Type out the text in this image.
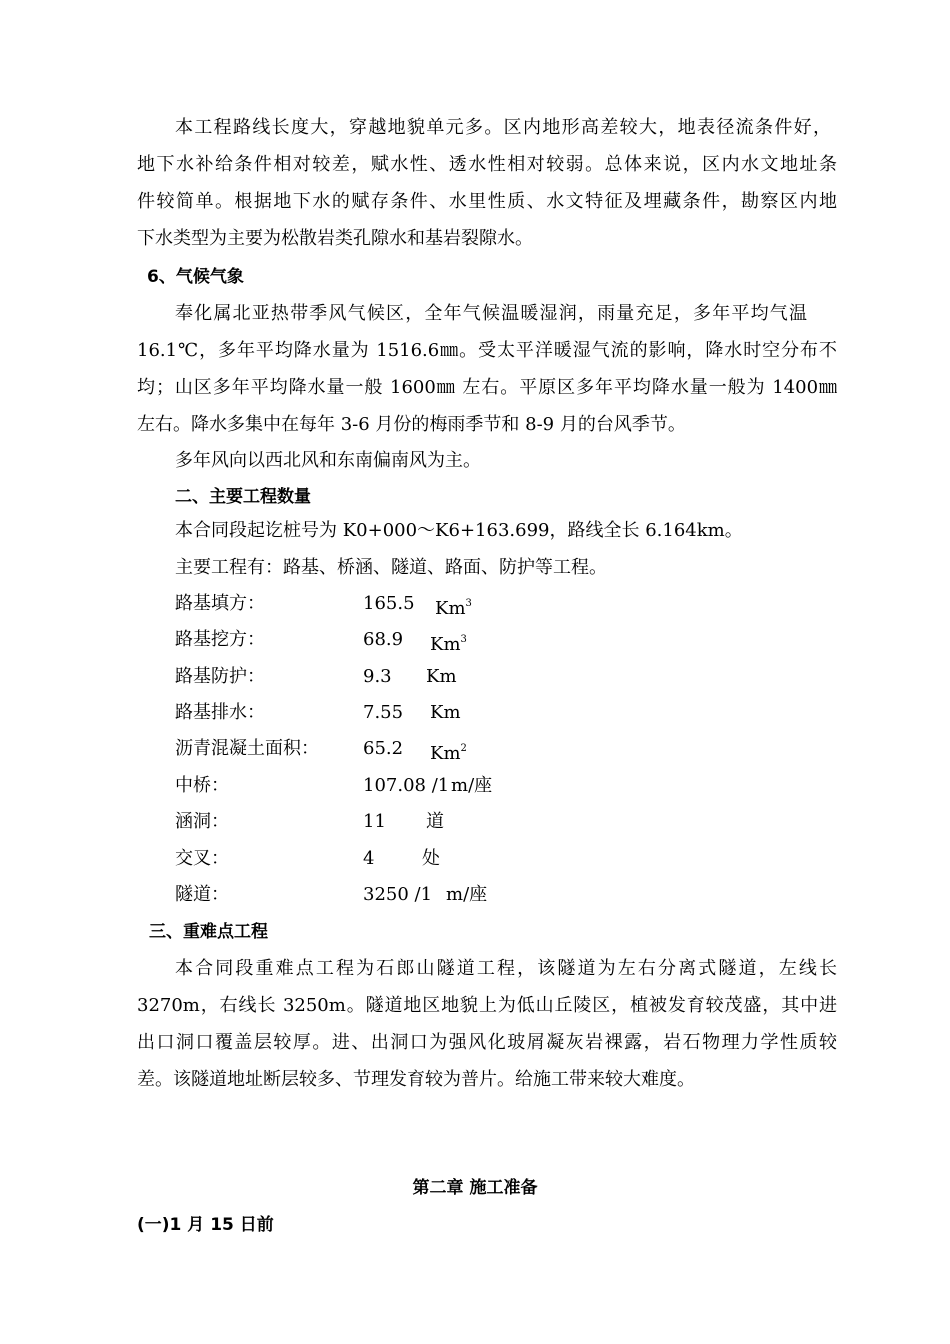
本工程路线长度大，穿越地貌单元多。区内地形高差较大，地表径流条件好，
地下水补给条件相对较差，赋水性、透水性相对较弱。总体来说，区内水文地址条
件较简单。根据地下水的赋存条件、水里性质、水文特征及埋藏条件，勘察区内地
下水类型为主要为松散岩类孔隙水和基岩裂隙水。
6、气候气象
奉化属北亚热带季风气候区，全年气候温暖湿润，雨量充足，多年平均气温
16.1℃，多年平均降水量为 1516.6㎜。受太平洋暖湿气流的影响，降水时空分布不
均；山区多年平均降水量一般 1600㎜ 左右。平原区多年平均降水量一般为 1400㎜
左右。降水多集中在每年 3-6 月份的梅雨季节和 8-9 月的台风季节。
多年风向以西北风和东南偏南风为主。
二、主要工程数量
本合同段起讫桩号为 K0+000～K6+163.699，路线全长 6.164km。
主要工程有：路基、桥涵、隧道、路面、防护等工程。
路基填方：	165.5 Km$^3$
路基挖方：	68.9 Km$^3$
路基防护：	9.3 Km
路基排水：	7.55 Km
沥青混凝土面积： 65.2 Km$^2$
中桥：	107.08 /1 m/座
涵洞：	11 道
交叉：	4	处
隧道：	3250 /1 m/座
三、重难点工程
本合同段重难点工程为石郎山隧道工程，该隧道为左右分离式隧道，左线长
3270m，右线长 3250m。隧道地区地貌上为低山丘陵区，植被发育较茂盛，其中进
出口洞口覆盖层较厚。进、出洞口为强风化玻屑凝灰岩裸露，岩石物理力学性质较
差。该隧道地址断层较多、节理发育较为普片。给施工带来较大难度。
第二章 施工准备
(一)1 月 15 日前
